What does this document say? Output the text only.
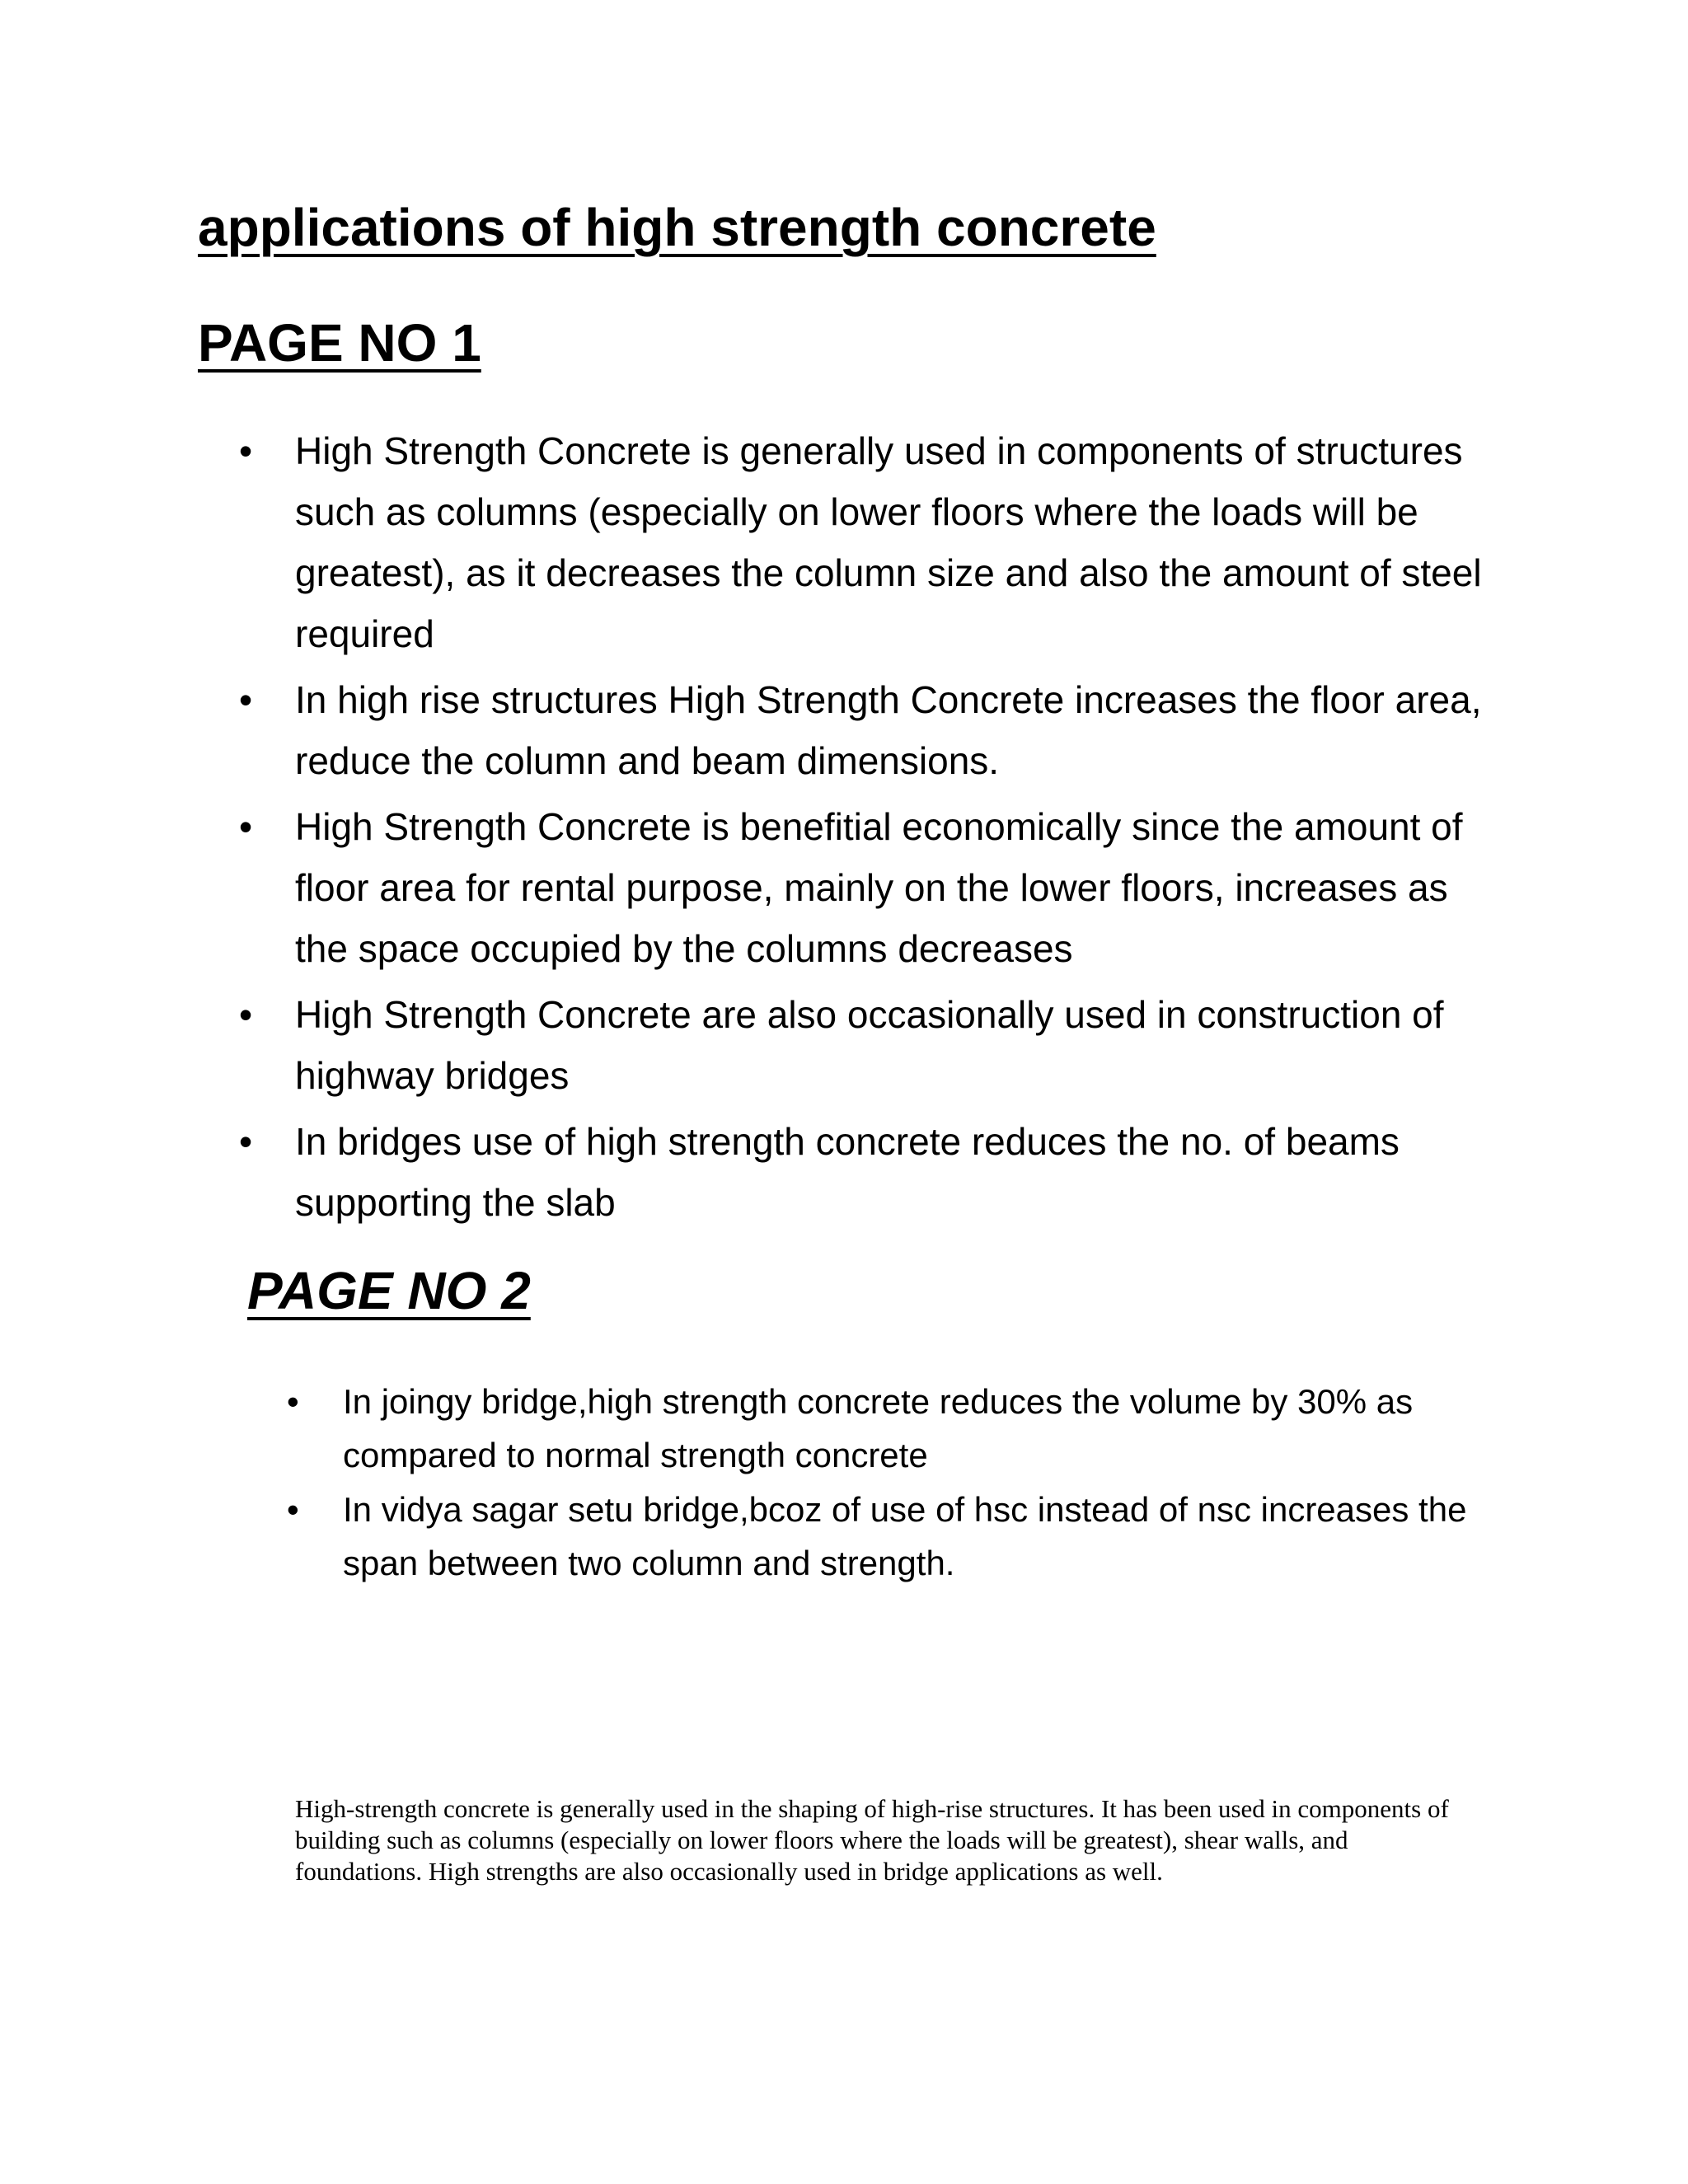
applications of high strength concrete
PAGE NO 1
•	High Strength Concrete is generally used in components of structures such as columns (especially on lower floors where the loads will be greatest), as it decreases the column size and also the amount of steel required
•	In high rise structures High Strength Concrete increases the floor area, reduce the column and beam dimensions.
•	High Strength Concrete is benefitial economically since the amount of floor area for rental purpose, mainly on the lower floors, increases as the space occupied by the columns decreases
•	High Strength Concrete are also occasionally used in construction of highway bridges
•	In bridges use of high strength concrete reduces the no. of beams supporting the slab
PAGE NO 2
•	In joingy bridge,high strength concrete reduces the volume by 30% as compared to normal strength concrete
•	In vidya sagar setu bridge,bcoz of use of hsc instead of nsc increases the span between two column and strength.

High-strength concrete is generally used in the shaping of high-rise structures. It has been used in components of building such as columns (especially on lower floors where the loads will be greatest), shear walls, and foundations. High strengths are also occasionally used in bridge applications as well.
